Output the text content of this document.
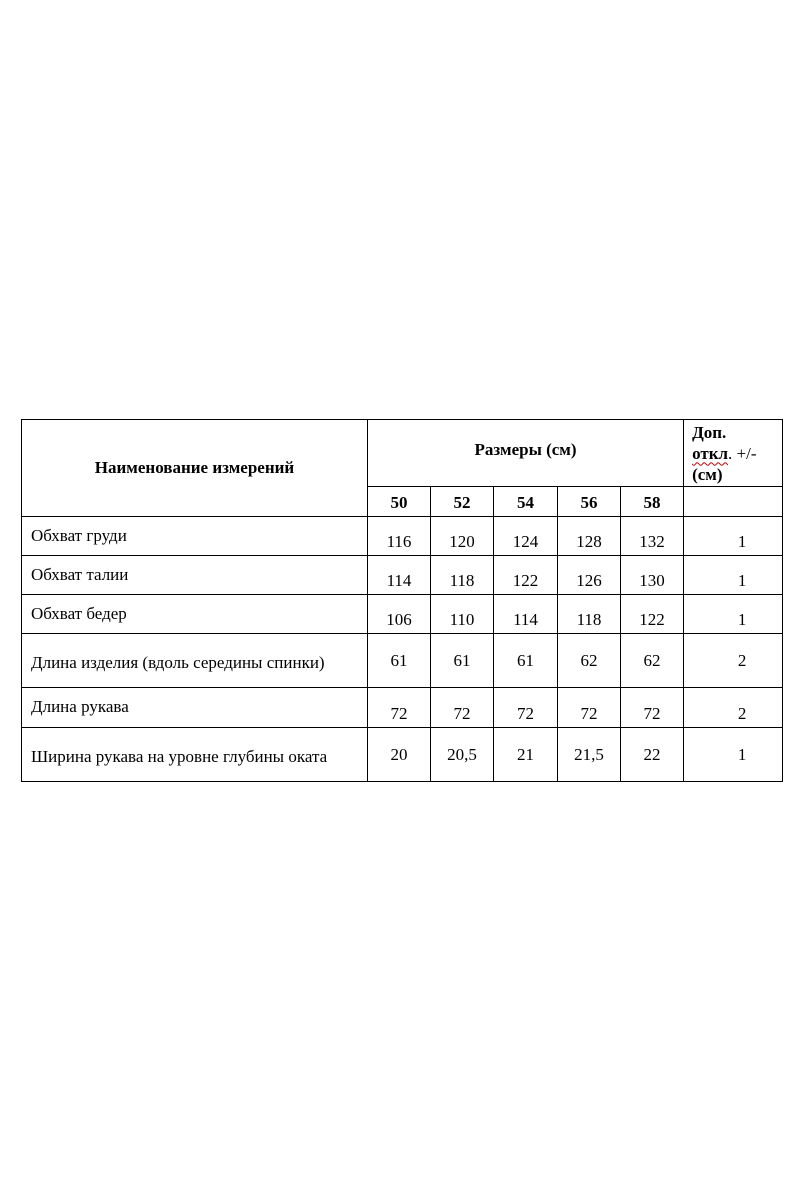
Наименование измерений	Размеры (см)					Доп.
откл. +/-
(см)
	50	52	54	56	58	
Обхват груди	116	120	124	128	132	1
Обхват талии	114	118	122	126	130	1
Обхват бедер	106	110	114	118	122	1
Длина изделия (вдоль середины спинки)	61	61	61	62	62	2
Длина рукава	72	72	72	72	72	2
Ширина рукава на уровне глубины оката	20	20,5	21	21,5	22	1
